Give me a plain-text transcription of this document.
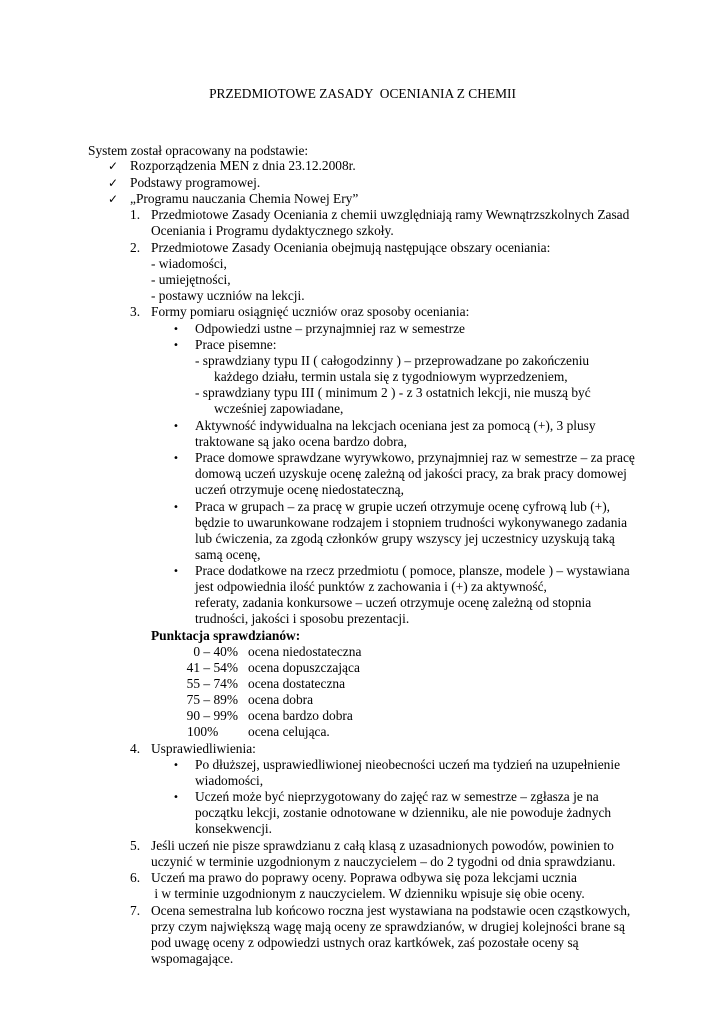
PRZEDMIOTOWE ZASADY  OCENIANIA Z CHEMII
System został opracowany na podstawie:
✓ Rozporządzenia MEN z dnia 23.12.2008r.
✓ Podstawy programowej.
✓ „Programu nauczania Chemia Nowej Ery”
1. Przedmiotowe Zasady Oceniania z chemii uwzględniają ramy Wewnątrzszkolnych Zasad
Oceniania i Programu dydaktycznego szkoły.
2. Przedmiotowe Zasady Oceniania obejmują następujące obszary oceniania:
- wiadomości,
- umiejętności,
- postawy uczniów na lekcji.
3. Formy pomiaru osiągnięć uczniów oraz sposoby oceniania:
• Odpowiedzi ustne – przynajmniej raz w semestrze
• Prace pisemne:
- sprawdziany typu II ( całogodzinny ) – przeprowadzane po zakończeniu
każdego działu, termin ustala się z tygodniowym wyprzedzeniem,
- sprawdziany typu III ( minimum 2 ) - z 3 ostatnich lekcji, nie muszą być
wcześniej zapowiadane,
• Aktywność indywidualna na lekcjach oceniana jest za pomocą (+), 3 plusy
traktowane są jako ocena bardzo dobra,
• Prace domowe sprawdzane wyrywkowo, przynajmniej raz w semestrze – za pracę
domową uczeń uzyskuje ocenę zależną od jakości pracy, za brak pracy domowej
uczeń otrzymuje ocenę niedostateczną,
• Praca w grupach – za pracę w grupie uczeń otrzymuje ocenę cyfrową lub (+),
będzie to uwarunkowane rodzajem i stopniem trudności wykonywanego zadania
lub ćwiczenia, za zgodą członków grupy wszyscy jej uczestnicy uzyskują taką
samą ocenę,
• Prace dodatkowe na rzecz przedmiotu ( pomoce, plansze, modele ) – wystawiana
jest odpowiednia ilość punktów z zachowania i (+) za aktywność,
referaty, zadania konkursowe – uczeń otrzymuje ocenę zależną od stopnia
trudności, jakości i sposobu prezentacji.
Punktacja sprawdzianów:
0 – 40% ocena niedostateczna
41 – 54% ocena dopuszczająca
55 – 74% ocena dostateczna
75 – 89% ocena dobra
90 – 99% ocena bardzo dobra
100% ocena celująca.
4. Usprawiedliwienia:
• Po dłuższej, usprawiedliwionej nieobecności uczeń ma tydzień na uzupełnienie
wiadomości,
• Uczeń może być nieprzygotowany do zajęć raz w semestrze – zgłasza je na
początku lekcji, zostanie odnotowane w dzienniku, ale nie powoduje żadnych
konsekwencji.
5. Jeśli uczeń nie pisze sprawdzianu z całą klasą z uzasadnionych powodów, powinien to
uczynić w terminie uzgodnionym z nauczycielem – do 2 tygodni od dnia sprawdzianu.
6. Uczeń ma prawo do poprawy oceny. Poprawa odbywa się poza lekcjami ucznia
i w terminie uzgodnionym z nauczycielem. W dzienniku wpisuje się obie oceny.
7. Ocena semestralna lub końcowo roczna jest wystawiana na podstawie ocen cząstkowych,
przy czym największą wagę mają oceny ze sprawdzianów, w drugiej kolejności brane są
pod uwagę oceny z odpowiedzi ustnych oraz kartkówek, zaś pozostałe oceny są
wspomagające.
